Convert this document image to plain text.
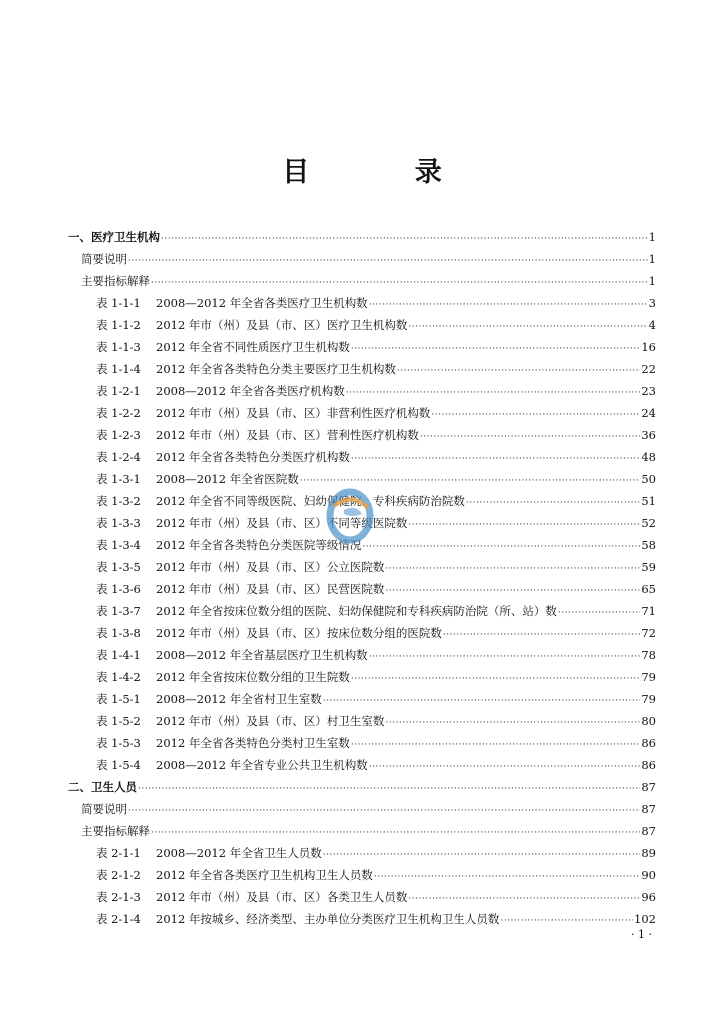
目 录
一、医疗卫生机构 ·····	1
简要说明 ·····	1
主要指标解释 ·····	1
表 1-1-1 2008—2012 年全省各类医疗卫生机构数 ·····	3
表 1-1-2 2012 年市（州）及县（市、区）医疗卫生机构数 ·····	4
表 1-1-3 2012 年全省不同性质医疗卫生机构数 ·····	16
表 1-1-4 2012 年全省各类特色分类主要医疗卫生机构数 ·····	22
表 1-2-1 2008—2012 年全省各类医疗机构数 ·····	23
表 1-2-2 2012 年市（州）及县（市、区）非营利性医疗机构数 ·····	24
表 1-2-3 2012 年市（州）及县（市、区）营利性医疗机构数 ·····	36
表 1-2-4 2012 年全省各类特色分类医疗机构数 ·····	48
表 1-3-1 2008—2012 年全省医院数 ·····	50
表 1-3-2 2012 年全省不同等级医院、妇幼保健院、专科疾病防治院数 ·····	51
表 1-3-3 2012 年市（州）及县（市、区）不同等级医院数 ·····	52
表 1-3-4 2012 年全省各类特色分类医院等级情况 ·····	58
表 1-3-5 2012 年市（州）及县（市、区）公立医院数 ·····	59
表 1-3-6 2012 年市（州）及县（市、区）民营医院数 ·····	65
表 1-3-7 2012 年全省按床位数分组的医院、妇幼保健院和专科疾病防治院（所、站）数 ·····	71
表 1-3-8 2012 年市（州）及县（市、区）按床位数分组的医院数 ·····	72
表 1-4-1 2008—2012 年全省基层医疗卫生机构数 ·····	78
表 1-4-2 2012 年全省按床位数分组的卫生院数 ·····	79
表 1-5-1 2008—2012 年全省村卫生室数 ·····	79
表 1-5-2 2012 年市（州）及县（市、区）村卫生室数 ·····	80
表 1-5-3 2012 年全省各类特色分类村卫生室数 ·····	86
表 1-5-4 2008—2012 年全省专业公共卫生机构数 ·····	86
二、卫生人员 ·····	87
简要说明 ·····	87
主要指标解释 ·····	87
表 2-1-1 2008—2012 年全省卫生人员数 ·····	89
表 2-1-2 2012 年全省各类医疗卫生机构卫生人员数 ·····	90
表 2-1-3 2012 年市（州）及县（市、区）各类卫生人员数 ·····	96
表 2-1-4 2012 年按城乡、经济类型、主办单位分类医疗卫生机构卫生人员数 ·····	102
· 1 ·
